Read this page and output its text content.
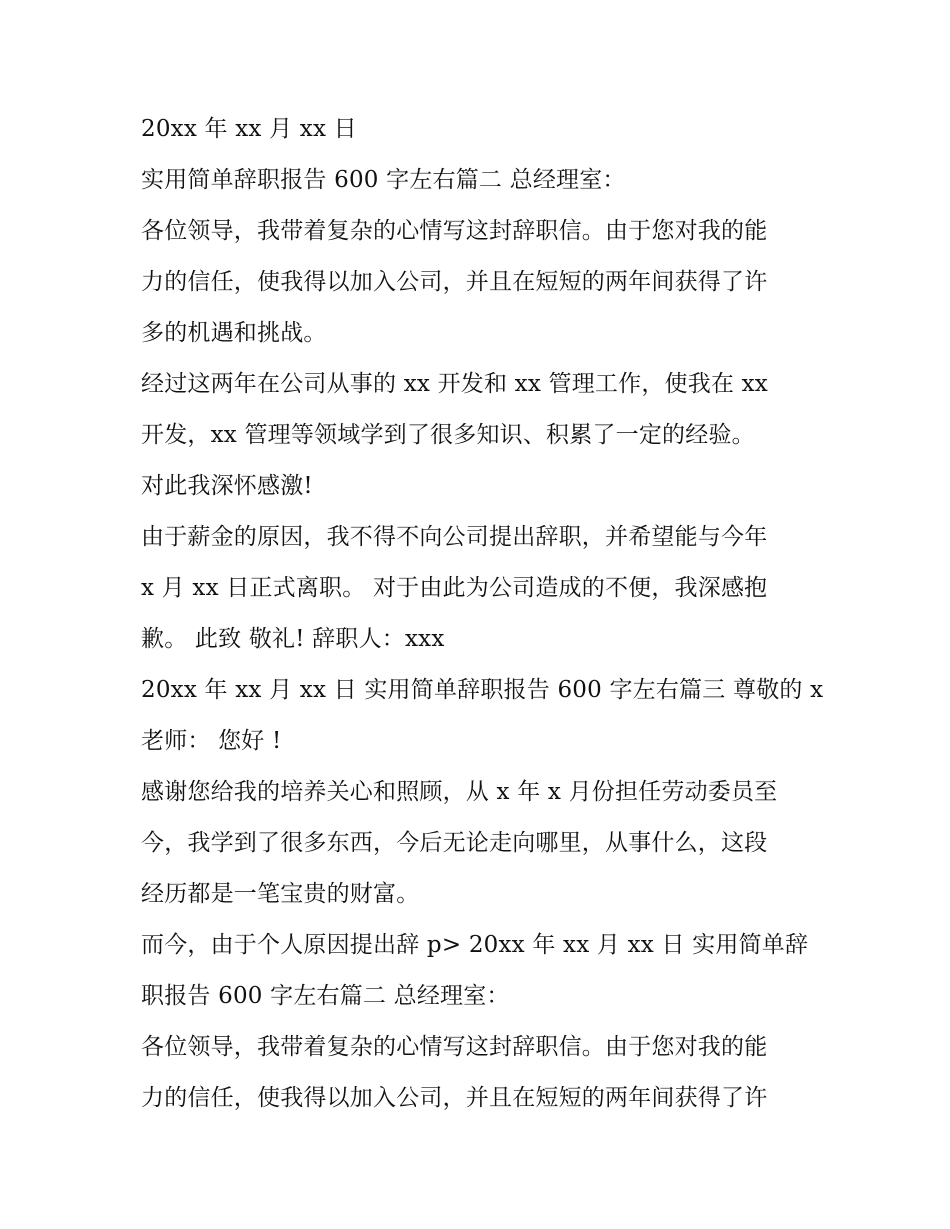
20xx 年 xx 月 xx 日
实用简单辞职报告 600 字左右篇二 总经理室：
各位领导，我带着复杂的心情写这封辞职信。由于您对我的能
力的信任，使我得以加入公司，并且在短短的两年间获得了许
多的机遇和挑战。
经过这两年在公司从事的 xx 开发和 xx 管理工作，使我在 xx
开发，xx 管理等领域学到了很多知识、积累了一定的经验。
对此我深怀感激!
由于薪金的原因，我不得不向公司提出辞职，并希望能与今年
x 月 xx 日正式离职。 对于由此为公司造成的不便，我深感抱
歉。 此致 敬礼! 辞职人：xxx
20xx 年 xx 月 xx 日 实用简单辞职报告 600 字左右篇三 尊敬的 x
老师： 您好 !
感谢您给我的培养关心和照顾，从 x 年 x 月份担任劳动委员至
今，我学到了很多东西，今后无论走向哪里，从事什么，这段
经历都是一笔宝贵的财富。
而今，由于个人原因提出辞 p> 20xx 年 xx 月 xx 日 实用简单辞
职报告 600 字左右篇二 总经理室：
各位领导，我带着复杂的心情写这封辞职信。由于您对我的能
力的信任，使我得以加入公司，并且在短短的两年间获得了许
